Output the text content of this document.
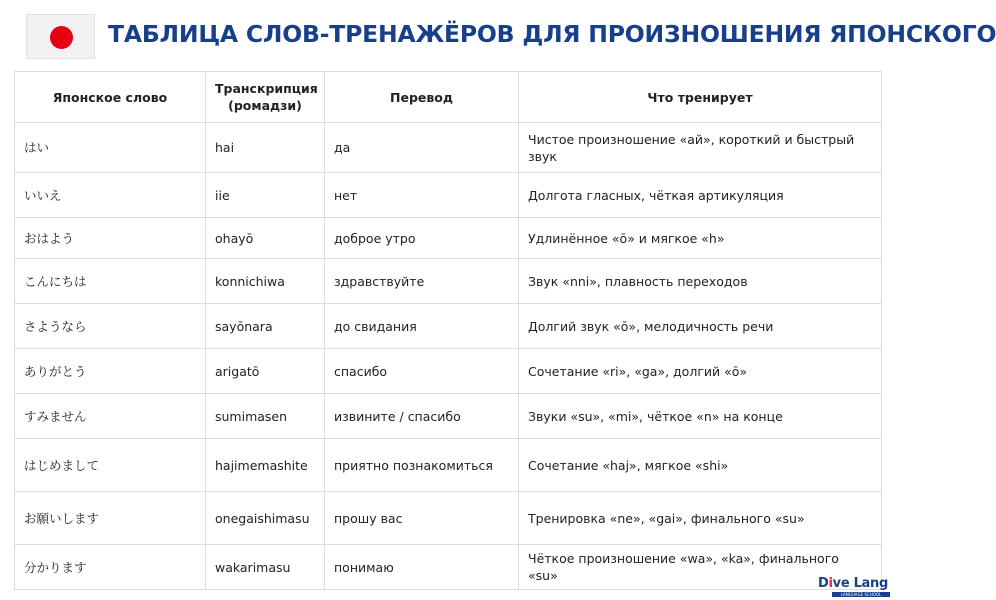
ТАБЛИЦА СЛОВ-ТРЕНАЖЁРОВ ДЛЯ ПРОИЗНОШЕНИЯ ЯПОНСКОГО
Японское слово	Транскрипция (ромадзи)	Перевод	Что тренирует
はい	hai	да	Чистое произношение «ай», короткий и быстрый звук
いいえ	iie	нет	Долгота гласных, чёткая артикуляция
おはよう	ohayō	доброе утро	Удлинённое «ō» и мягкое «h»
こんにちは	konnichiwa	здравствуйте	Звук «nni», плавность переходов
さようなら	sayōnara	до свидания	Долгий звук «ō», мелодичность речи
ありがとう	arigatō	спасибо	Сочетание «ri», «ga», долгий «ō»
すみません	sumimasen	извините / спасибо	Звуки «su», «mi», чёткое «n» на конце
はじめまして	hajimemashite	приятно познакомиться	Сочетание «haj», мягкое «shi»
お願いします	onegaishimasu	прошу вас	Тренировка «ne», «gai», финального «su»
分かります	wakarimasu	понимаю	Чёткое произношение «wa», «ka», финального «su»
Dive Lang
LANGUAGE SCHOOL
